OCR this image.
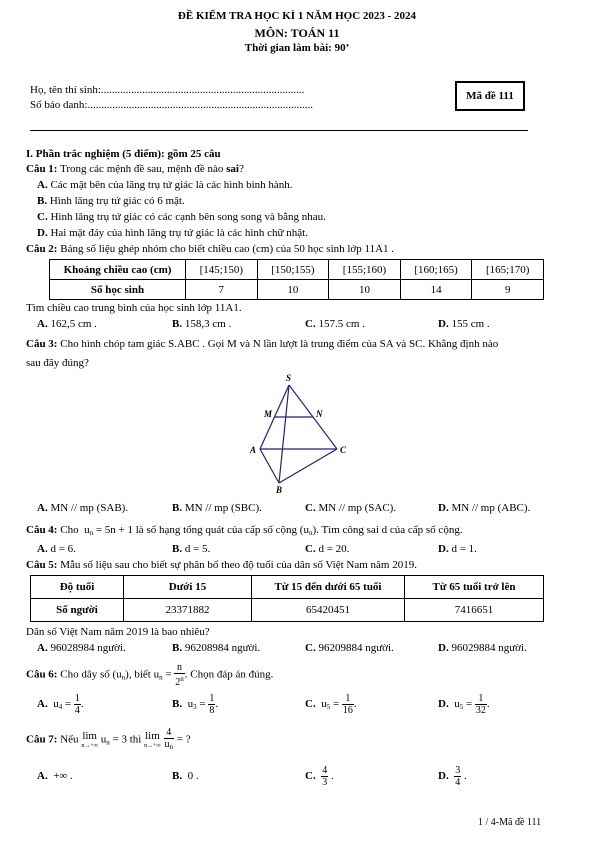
ĐỀ KIỂM TRA HỌC KÌ 1 NĂM HỌC 2023 - 2024
MÔN: TOÁN 11
Thời gian làm bài: 90’
Họ, tên thí sinh:..........................................................................
Số báo danh:..................................................................................
Mã đề 111
I. Phần trắc nghiệm (5 điểm): gồm 25 câu
Câu 1: Trong các mệnh đề sau, mệnh đề nào sai?
A. Các mặt bên của lăng trụ tứ giác là các hình bình hành.
B. Hình lăng trụ tứ giác có 6 mặt.
C. Hình lăng trụ tứ giác có các cạnh bên song song và bằng nhau.
D. Hai mặt đáy của hình lăng trụ tứ giác là các hình chữ nhật.
Câu 2: Bảng số liệu ghép nhóm cho biết chiều cao (cm) của 50 học sinh lớp 11A1 .
Khoảng chiều cao (cm)	[145;150)	[150;155)	[155;160)	[160;165)	[165;170)
Số học sinh	7	10	10	14	9
Tìm chiều cao trung bình của học sinh lớp 11A1.
A. 162,5 cm .	B. 158,3 cm .	C. 157.5 cm .	D. 155 cm .
Câu 3: Cho hình chóp tam giác S.ABC . Gọi M và N lần lượt là trung điểm của SA và SC. Khẳng định nào
sau đây đúng?
S
M	N
A	C
B
A. MN // mp (SAB).	B. MN // mp (SBC).	C. MN // mp (SAC).	D. MN // mp (ABC).
Câu 4: Cho $u_n = 5n + 1$ là số hạng tổng quát của cấp số cộng $(u_n)$. Tìm công sai d của cấp số cộng.
A. d = 6.	B. d = 5.	C. d = 20.	D. d = 1.
Câu 5: Mẫu số liệu sau cho biết sự phân bố theo độ tuổi của dân số Việt Nam năm 2019.
Độ tuổi	Dưới 15	Từ 15 đến dưới 65 tuổi	Từ 65 tuổi trở lên
Số người	23371882	65420451	7416651
Dân số Việt Nam năm 2019 là bao nhiêu?
A. 96028984 người.	B. 96208984 người.	C. 96209884 người.	D. 96029884 người.
Câu 6: Cho dãy số $(u_n)$, biết $u_n = \frac{n}{2^n}$ . Chọn đáp án đúng.
A. $u_4 = \frac{1}{4}$ .	B. $u_3 = \frac{1}{8}$ .	C. $u_5 = \frac{1}{16}$ .	D. $u_5 = \frac{1}{32}$ .
Câu 7: Nếu lim
n→+∞ $u_n = 3$ thì lim
n→+∞
$\frac{4}{u_n}$ = ?
A. +∞ .	B. 0 .	C. $\frac{4}{3}$ .	D. $\frac{3}{4}$ .
1 / 4-Mã đề 111
